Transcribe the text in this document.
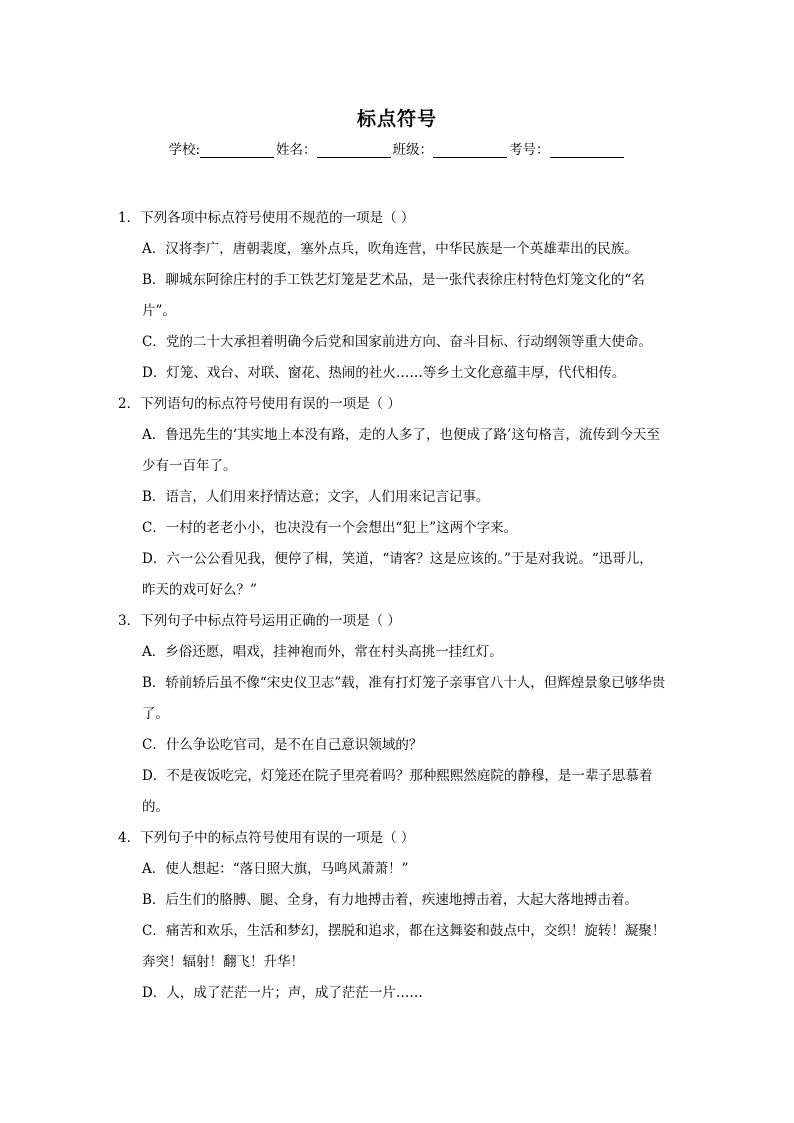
标点符号
学校:	姓名：	班级：	考号：
1．下列各项中标点符号使用不规范的一项是（ ）
A．汉将李广，唐朝裴度，塞外点兵，吹角连营，中华民族是一个英雄辈出的民族。
B．聊城东阿徐庄村的手工铁艺灯笼是艺术品，是一张代表徐庄村特色灯笼文化的“名
片”。
C．党的二十大承担着明确今后党和国家前进方向、奋斗目标、行动纲领等重大使命。
D．灯笼、戏台、对联、窗花、热闹的社火……等乡土文化意蕴丰厚，代代相传。
2．下列语句的标点符号使用有误的一项是（ ）
A．鲁迅先生的‘其实地上本没有路，走的人多了，也便成了路’这句格言，流传到今天至
少有一百年了。
B．语言，人们用来抒情达意；文字，人们用来记言记事。
C．一村的老老小小，也决没有一个会想出“犯上”这两个字来。
D．六一公公看见我，便停了楫，笑道，“请客？这是应该的。”于是对我说。“迅哥儿，
昨天的戏可好么？”
3．下列句子中标点符号运用正确的一项是（ ）
A．乡俗还愿，唱戏，挂神袍而外，常在村头高挑一挂红灯。
B．轿前轿后虽不像“宋史仪卫志”载，准有打灯笼子亲事官八十人，但辉煌景象已够华贵
了。
C．什么争讼吃官司，是不在自己意识领域的？
D．不是夜饭吃完，灯笼还在院子里亮着吗？那种熙熙然庭院的静穆，是一辈子思慕着
的。
4．下列句子中的标点符号使用有误的一项是（ ）
A．使人想起：“落日照大旗，马鸣风萧萧！”
B．后生们的胳膊、腿、全身，有力地搏击着，疾速地搏击着，大起大落地搏击着。
C．痛苦和欢乐，生活和梦幻，摆脱和追求，都在这舞姿和鼓点中，交织！旋转！凝聚！
奔突！辐射！翻飞！升华！
D．人，成了茫茫一片；声，成了茫茫一片……
